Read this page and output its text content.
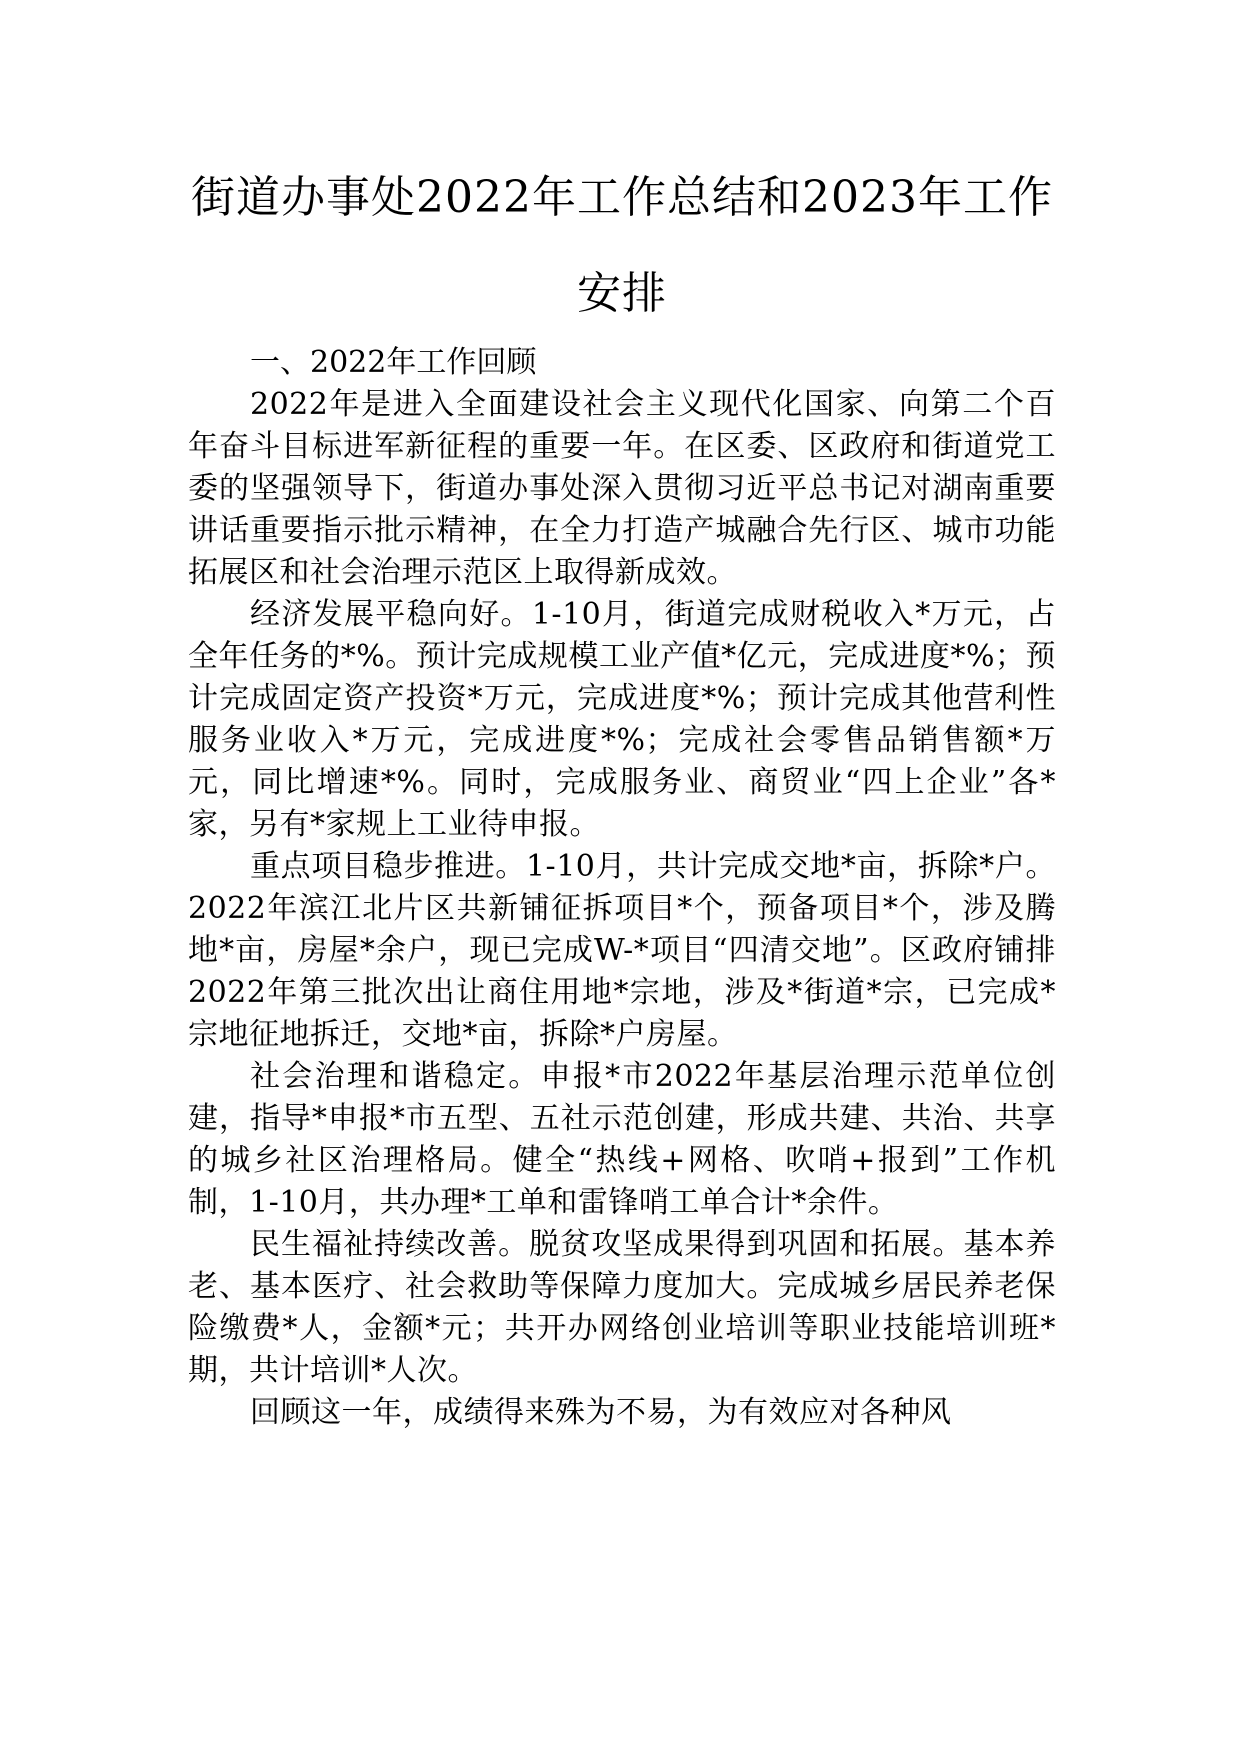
街道办事处2022年工作总结和2023年工作
安排

一、2022年工作回顾

2022年是进入全面建设社会主义现代化国家、向第二个百年奋斗目标进军新征程的重要一年。在区委、区政府和街道党工委的坚强领导下，街道办事处深入贯彻习近平总书记对湖南重要讲话重要指示批示精神，在全力打造产城融合先行区、城市功能拓展区和社会治理示范区上取得新成效。

经济发展平稳向好。1-10月，街道完成财税收入*万元，占全年任务的*%。预计完成规模工业产值*亿元，完成进度*%；预计完成固定资产投资*万元，完成进度*%；预计完成其他营利性服务业收入*万元，完成进度*%；完成社会零售品销售额*万元，同比增速*%。同时，完成服务业、商贸业“四上企业”各*家，另有*家规上工业待申报。

重点项目稳步推进。1-10月，共计完成交地*亩，拆除*户。2022年滨江北片区共新铺征拆项目*个，预备项目*个，涉及腾地*亩，房屋*余户，现已完成W-*项目“四清交地”。区政府铺排2022年第三批次出让商住用地*宗地，涉及*街道*宗，已完成*宗地征地拆迁，交地*亩，拆除*户房屋。

社会治理和谐稳定。申报*市2022年基层治理示范单位创建，指导*申报*市五型、五社示范创建，形成共建、共治、共享的城乡社区治理格局。健全“热线+网格、吹哨+报到”工作机制，1-10月，共办理*工单和雷锋哨工单合计*余件。

民生福祉持续改善。脱贫攻坚成果得到巩固和拓展。基本养老、基本医疗、社会救助等保障力度加大。完成城乡居民养老保险缴费*人，金额*元；共开办网络创业培训等职业技能培训班*期，共计培训*人次。

回顾这一年，成绩得来殊为不易，为有效应对各种风
